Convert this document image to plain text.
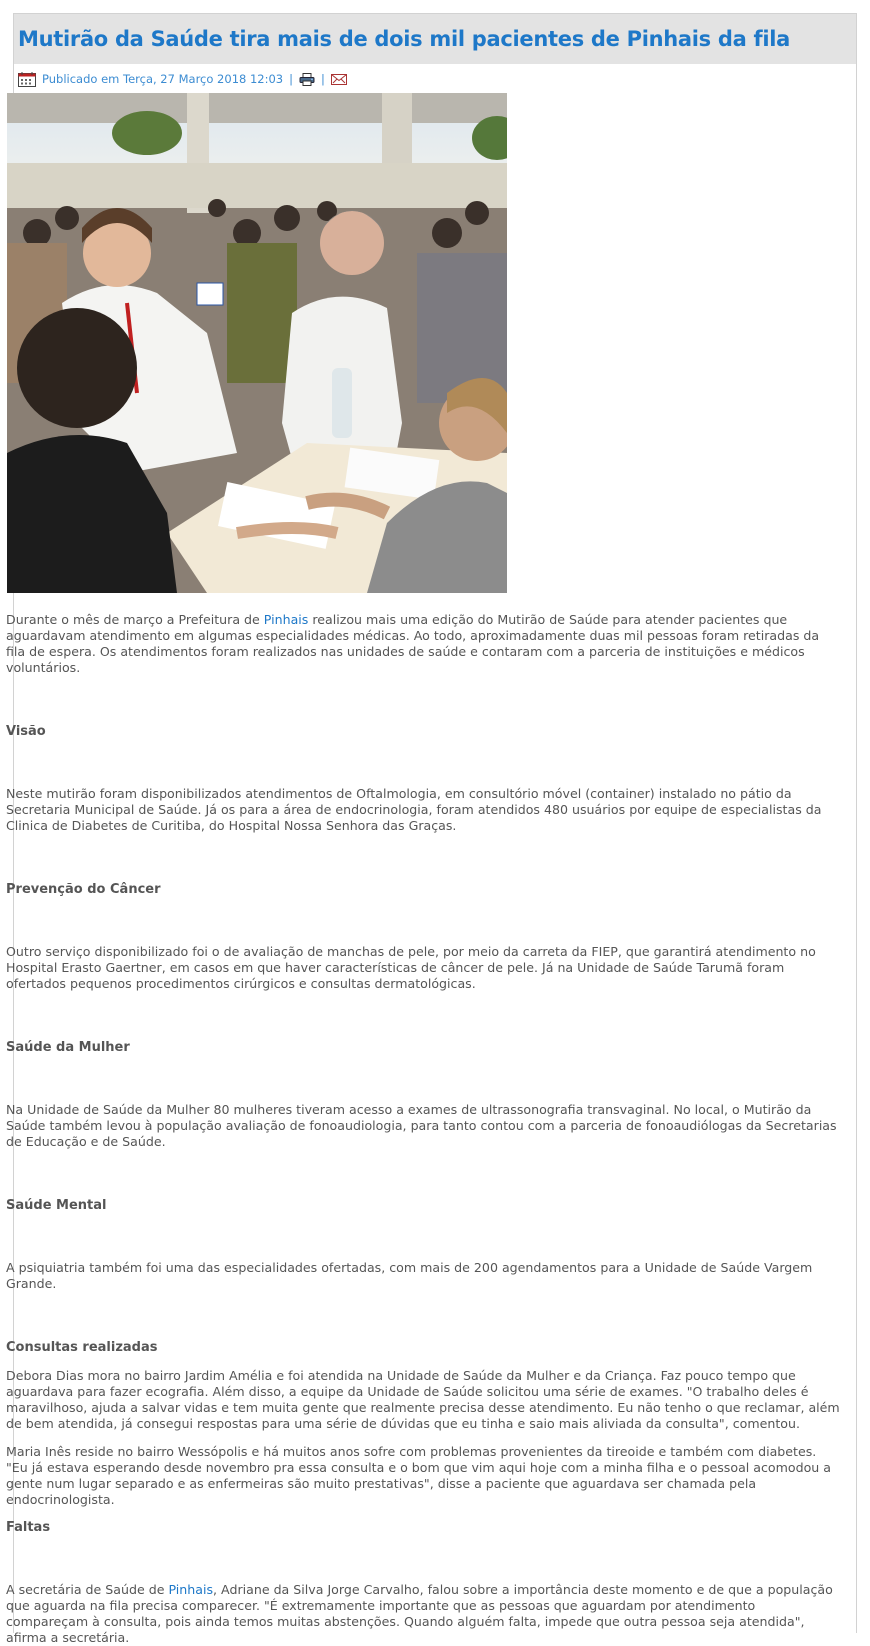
Mutirão da Saúde tira mais de dois mil pacientes de Pinhais da fila
Publicado em Terça, 27 Março 2018 12:03 | |

Durante o mês de março a Prefeitura de Pinhais realizou mais uma edição do Mutirão de Saúde para atender pacientes que aguardavam atendimento em algumas especialidades médicas. Ao todo, aproximadamente duas mil pessoas foram retiradas da fila de espera. Os atendimentos foram realizados nas unidades de saúde e contaram com a parceria de instituições e médicos voluntários.

Visão

Neste mutirão foram disponibilizados atendimentos de Oftalmologia, em consultório móvel (container) instalado no pátio da Secretaria Municipal de Saúde. Já os para a área de endocrinologia, foram atendidos 480 usuários por equipe de especialistas da Clinica de Diabetes de Curitiba, do Hospital Nossa Senhora das Graças.

Prevenção do Câncer

Outro serviço disponibilizado foi o de avaliação de manchas de pele, por meio da carreta da FIEP, que garantirá atendimento no Hospital Erasto Gaertner, em casos em que haver características de câncer de pele. Já na Unidade de Saúde Tarumã foram ofertados pequenos procedimentos cirúrgicos e consultas dermatológicas.

Saúde da Mulher

Na Unidade de Saúde da Mulher 80 mulheres tiveram acesso a exames de ultrassonografia transvaginal. No local, o Mutirão da Saúde também levou à população avaliação de fonoaudiologia, para tanto contou com a parceria de fonoaudiólogas da Secretarias de Educação e de Saúde.

Saúde Mental

A psiquiatria também foi uma das especialidades ofertadas, com mais de 200 agendamentos para a Unidade de Saúde Vargem Grande.

Consultas realizadas

Debora Dias mora no bairro Jardim Amélia e foi atendida na Unidade de Saúde da Mulher e da Criança. Faz pouco tempo que aguardava para fazer ecografia. Além disso, a equipe da Unidade de Saúde solicitou uma série de exames. "O trabalho deles é maravilhoso, ajuda a salvar vidas e tem muita gente que realmente precisa desse atendimento. Eu não tenho o que reclamar, além de bem atendida, já consegui respostas para uma série de dúvidas que eu tinha e saio mais aliviada da consulta", comentou.

Maria Inês reside no bairro Wessópolis e há muitos anos sofre com problemas provenientes da tireoide e também com diabetes. "Eu já estava esperando desde novembro pra essa consulta e o bom que vim aqui hoje com a minha filha e o pessoal acomodou a gente num lugar separado e as enfermeiras são muito prestativas", disse a paciente que aguardava ser chamada pela endocrinologista.

Faltas

A secretária de Saúde de Pinhais, Adriane da Silva Jorge Carvalho, falou sobre a importância deste momento e de que a população que aguarda na fila precisa comparecer. "É extremamente importante que as pessoas que aguardam por atendimento compareçam à consulta, pois ainda temos muitas abstenções. Quando alguém falta, impede que outra pessoa seja atendida", afirma a secretária.
